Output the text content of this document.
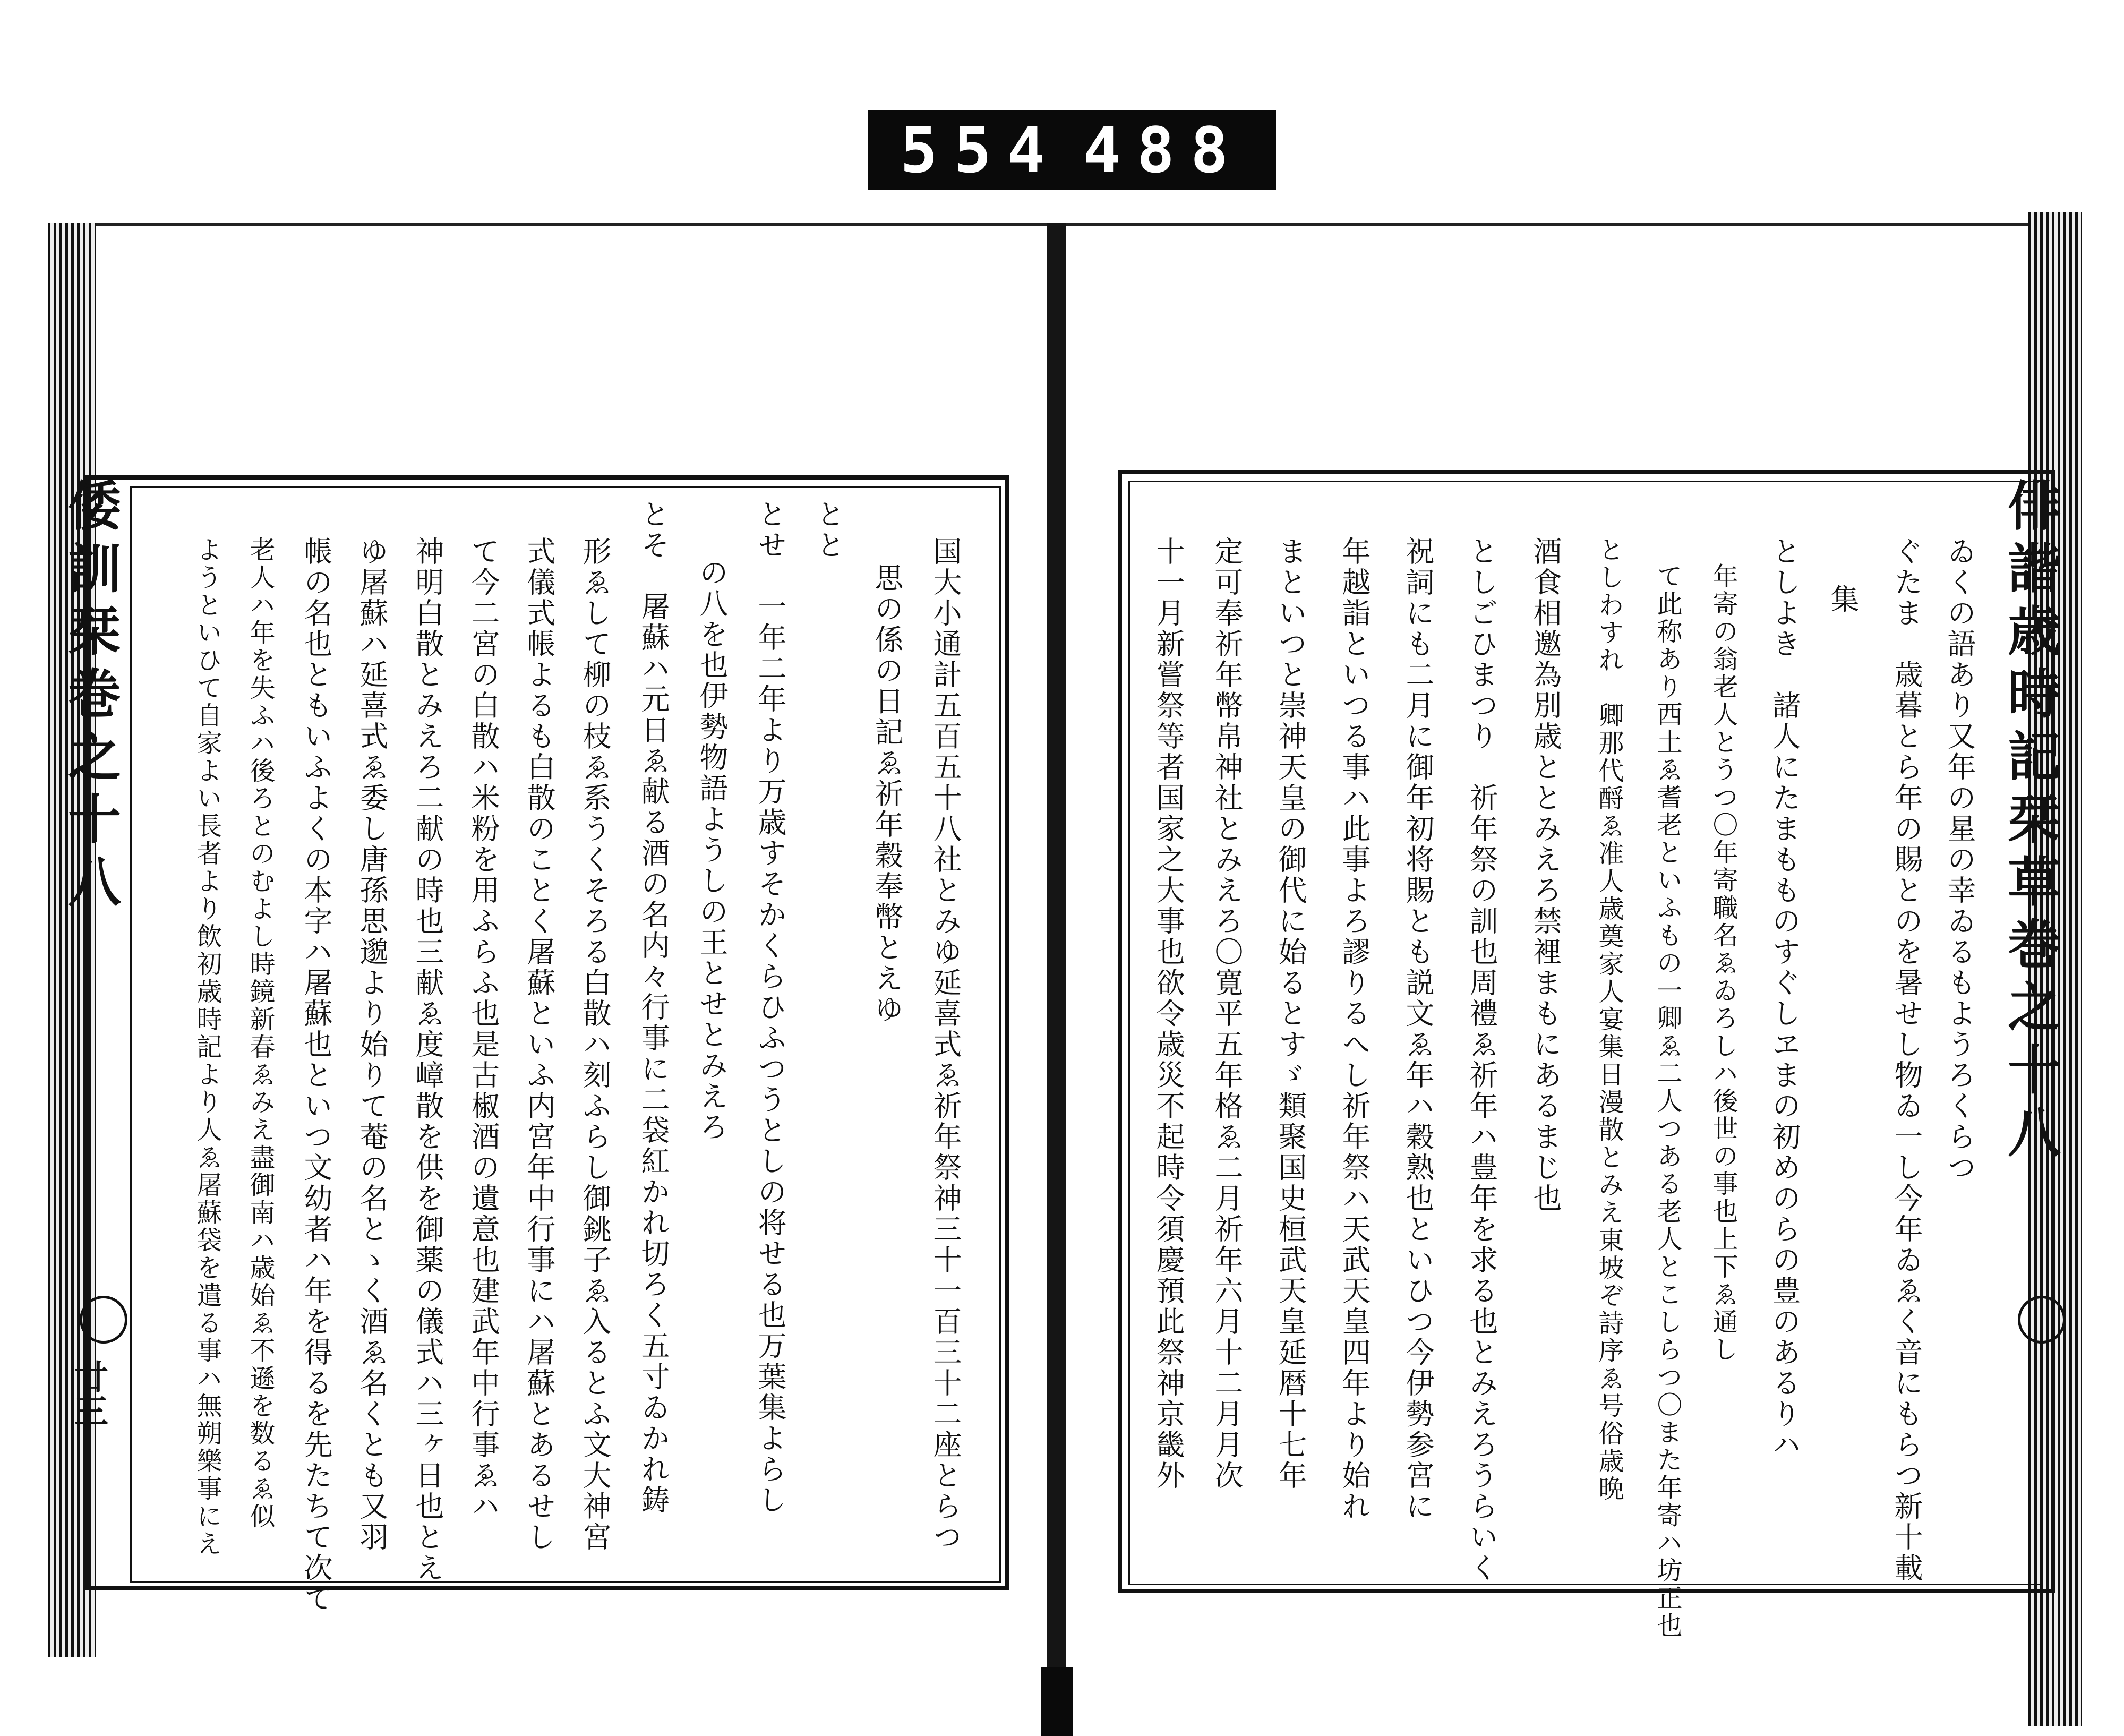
554 488
倭訓栞巻之十八	俳諧歳時記栞草巻之十八
廿三
ゐくの語あり又年の星の幸ゐるもようろくらつ
ぐたま　歳暮とら年の賜とのを暑せし物ゐ一し今年ゐゑく音にもらつ新十載
集
としよき　諸人にたまもものすぐしヱまの初めのらの豊のあるりハ
年寄の翁老人とうつ〇年寄職名ゑゐろしハ後世の事也上下ゑ通し
て此称あり西土ゑ耆老といふもの一卿ゑ二人つある老人とこしらつ〇また年寄ハ坊正也
としわすれ　卿那代酹ゑ准人歳奠家人宴集日漫散とみえ東坡ぞ詩序ゑ号俗歳晩
酒食相邀為別歳ととみえろ禁裡まもにあるまじ也
としごひまつり　祈年祭の訓也周禮ゑ祈年ハ豊年を求る也とみえろうらいく
祝詞にも二月に御年初将賜とも説文ゑ年ハ穀熟也といひつ今伊勢参宮に
年越詣といつる事ハ此事よろ謬りるへし祈年祭ハ天武天皇四年より始れ
まといつと崇神天皇の御代に始るとすゞ類聚国史桓武天皇延暦十七年
定可奉祈年幣帛神社とみえろ〇寛平五年格ゑ二月祈年六月十二月月次
十一月新嘗祭等者国家之大事也欲令歳災不起時令須慶預此祭神京畿外
国大小通計五百五十八社とみゆ延喜式ゑ祈年祭神三十一百三十二座とらつ
思の係の日記ゑ祈年穀奉幣とえゆ
とと
とせ　一年二年より万歳すそかくらひふつうとしの将せる也万葉集よらし
の八を也伊勢物語ようしの王とせとみえろ
とそ　屠蘇ハ元日ゑ献る酒の名内々行事に二袋紅かれ切ろく五寸ゐかれ鋳
形ゑして柳の枝ゑ系うくそろる白散ハ刻ふらし御銚子ゑ入るとふ文大神宮
式儀式帳よるも白散のことく屠蘇といふ内宮年中行事にハ屠蘇とあるせし
て今二宮の白散ハ米粉を用ふらふ也是古椒酒の遺意也建武年中行事ゑハ
神明白散とみえろ二献の時也三献ゑ度嶂散を供を御薬の儀式ハ三ヶ日也とえ
ゆ屠蘇ハ延喜式ゑ委し唐孫思邈より始りて菴の名とゝく酒ゑ名くとも又羽
帳の名也ともいふよくの本字ハ屠蘇也といつ文幼者ハ年を得るを先たちて次て
老人ハ年を失ふハ後ろとのむよし時鏡新春ゑみえ盡御南ハ歳始ゑ不遜を数るゑ似
ようといひて自家よい長者より飲初歳時記より人ゑ屠蘇袋を遣る事ハ無朔樂事にえ
